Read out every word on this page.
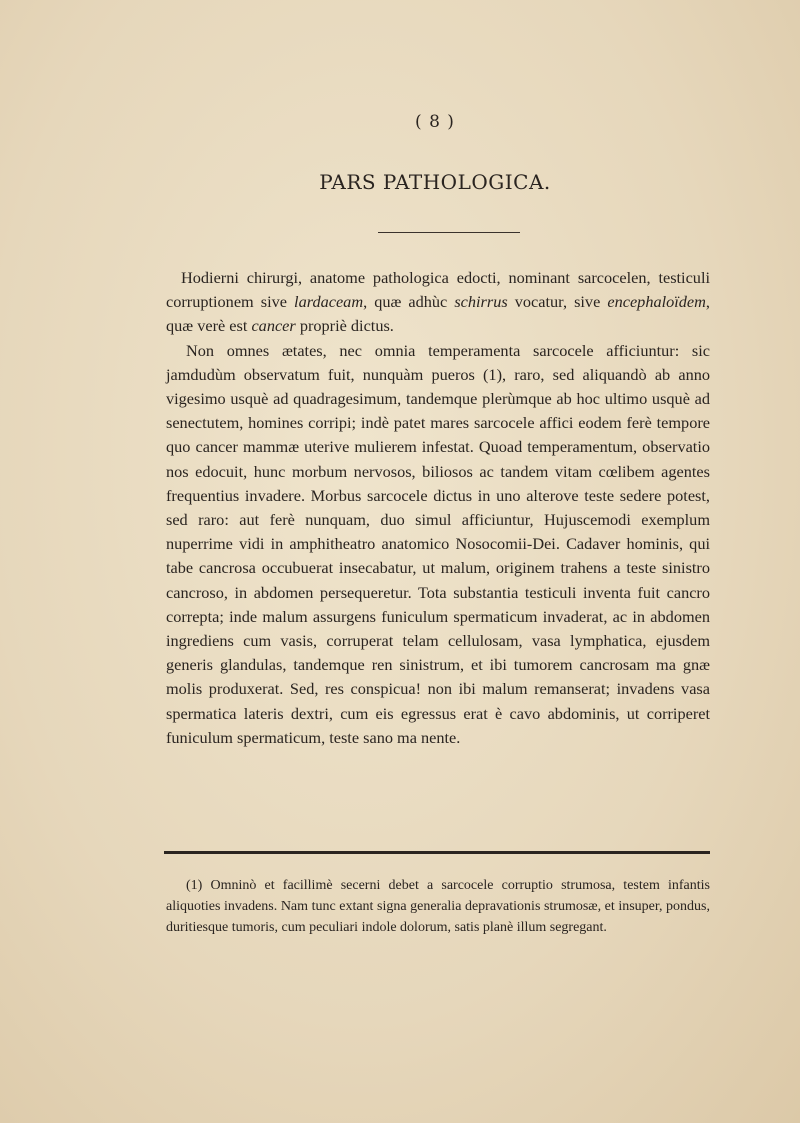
( 8 )
PARS PATHOLOGICA.

Hodierni chirurgi, anatome pathologica edocti, nominant sarcocelen, testiculi corruptionem sive lardaceam, quæ adhùc schirrus vocatur, sive encephaloïdem, quæ verè est cancer propriè dictus.

Non omnes ætates, nec omnia temperamenta sarcocele afficiuntur: sic jamdudùm observatum fuit, nunquàm pueros (1), raro, sed aliquandò ab anno vigesimo usquè ad quadragesimum, tandemque plerùmque ab hoc ultimo usquè ad senectutem, homines corripi; indè patet mares sarcocele affici eodem ferè tempore quo cancer mammæ uterive mulierem infestat. Quoad temperamentum, observatio nos edocuit, hunc morbum nervosos, biliosos ac tandem vitam cœlibem agentes frequentius invadere. Morbus sarcocele dictus in uno alterove teste sedere potest, sed raro: aut ferè nunquam, duo simul afficiuntur, Hujuscemodi exemplum nuperrime vidi in amphitheatro anatomico Nosocomii-Dei. Cadaver hominis, qui tabe cancrosa occubuerat insecabatur, ut malum, originem trahens a teste sinistro cancroso, in abdomen persequeretur. Tota substantia testiculi inventa fuit cancro correpta; inde malum assurgens funiculum spermaticum invaderat, ac in abdomen ingrediens cum vasis, corruperat telam cellulosam, vasa lymphatica, ejusdem generis glandulas, tandemque ren sinistrum, et ibi tumorem cancrosam ma gnæ molis produxerat. Sed, res conspicua! non ibi malum remanserat; invadens vasa spermatica lateris dextri, cum eis egressus erat è cavo abdominis, ut corriperet funiculum spermaticum, teste sano ma nente.

(1) Omninò et facillimè secerni debet a sarcocele corruptio strumosa, testem infantis aliquoties invadens. Nam tunc extant signa generalia depravationis strumosæ, et insuper, pondus, duritiesque tumoris, cum peculiari indole dolorum, satis planè illum segregant.
